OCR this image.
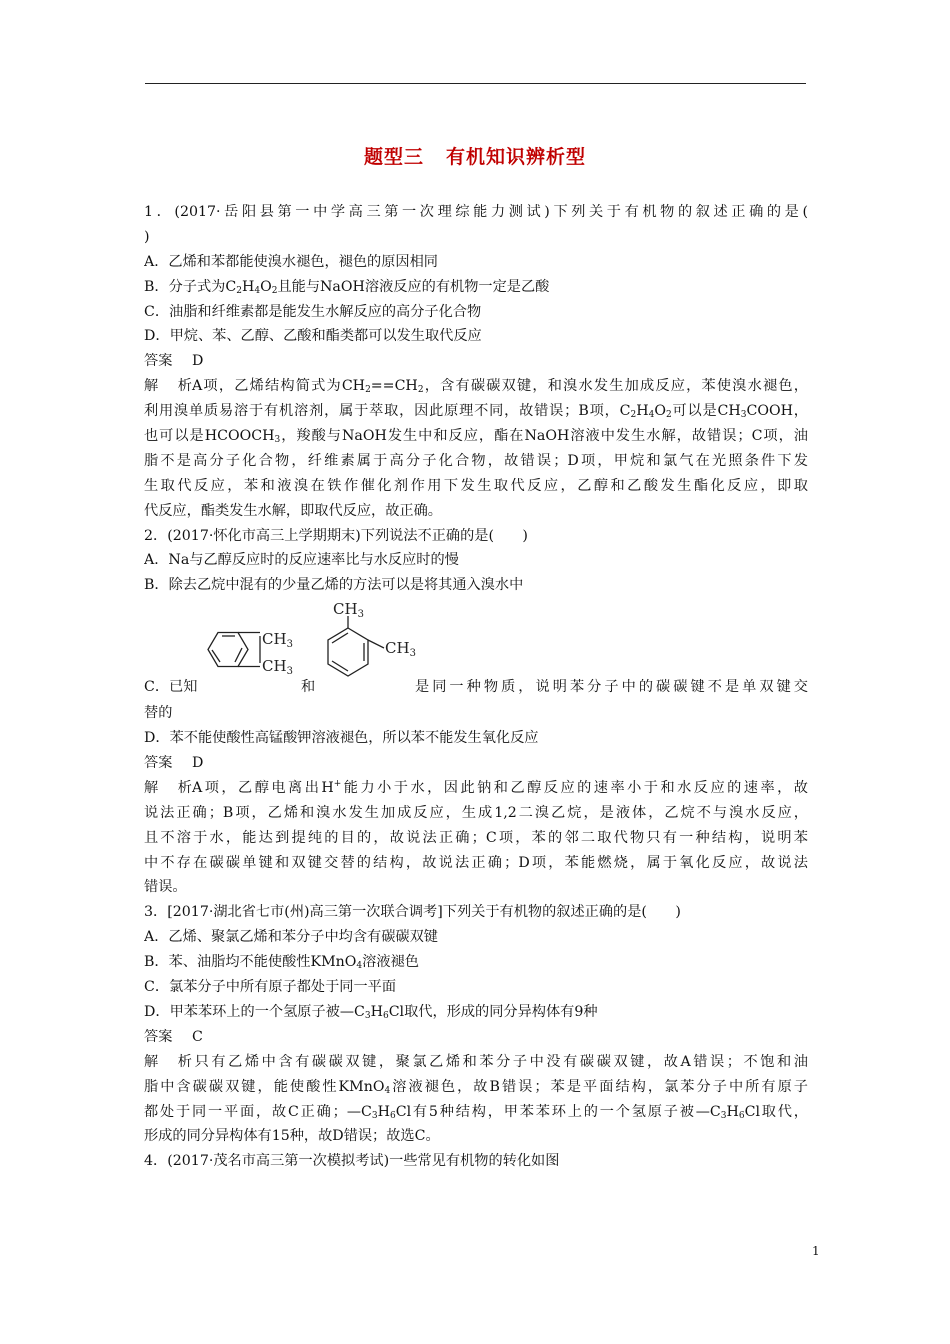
题型三 有机知识辨析型
1．(2017·岳阳县第一中学高三第一次理综能力测试)下列关于有机物的叙述正确的是(
)
A．乙烯和苯都能使溴水褪色，褪色的原因相同
B．分子式为$C_2H_4O_2$且能与NaOH溶液反应的有机物一定是乙酸
C．油脂和纤维素都是能发生水解反应的高分子化合物
D．甲烷、苯、乙醇、乙酸和酯类都可以发生取代反应
答案 D
解析A项，乙烯结构简式为$CH_2==CH_2$，含有碳碳双键，和溴水发生加成反应，苯使溴水褪色，
利用溴单质易溶于有机溶剂，属于萃取，因此原理不同，故错误；B项，$C_2H_4O_2$可以是$CH_3COOH$，
也可以是$HCOOCH_3$，羧酸与NaOH发生中和反应，酯在NaOH溶液中发生水解，故错误；C项，油
脂不是高分子化合物，纤维素属于高分子化合物，故错误；D项，甲烷和氯气在光照条件下发
生取代反应，苯和液溴在铁作催化剂作用下发生取代反应，乙醇和乙酸发生酯化反应，即取
代反应，酯类发生水解，即取代反应，故正确。
2．(2017·怀化市高三上学期期末)下列说法不正确的是(　　)
A．Na与乙醇反应时的反应速率比与水反应时的慢
B．除去乙烷中混有的少量乙烯的方法可以是将其通入溴水中
$CH_3$
$CH_3$
$CH_3$
$CH_3$
C．已知	和	是同一种物质，说明苯分子中的碳碳键不是单双键交
替的
D．苯不能使酸性高锰酸钾溶液褪色，所以苯不能发生氧化反应
答案 D
解析A项，乙醇电离出H+能力小于水，因此钠和乙醇反应的速率小于和水反应的速率，故
说法正确；B项，乙烯和溴水发生加成反应，生成1,2二溴乙烷，是液体，乙烷不与溴水反应，
且不溶于水，能达到提纯的目的，故说法正确；C项，苯的邻二取代物只有一种结构，说明苯
中不存在碳碳单键和双键交替的结构，故说法正确；D项，苯能燃烧，属于氧化反应，故说法
错误。
3．[2017·湖北省七市(州)高三第一次联合调考]下列关于有机物的叙述正确的是(　　)
A．乙烯、聚氯乙烯和苯分子中均含有碳碳双键
B．苯、油脂均不能使酸性KMnO$_4$溶液褪色
C．氯苯分子中所有原子都处于同一平面
D．甲苯苯环上的一个氢原子被$—C_3H_6Cl$取代，形成的同分异构体有9种
答案 C
解析只有乙烯中含有碳碳双键，聚氯乙烯和苯分子中没有碳碳双键，故A错误；不饱和油
脂中含碳碳双键，能使酸性KMnO$_4$溶液褪色，故B错误；苯是平面结构，氯苯分子中所有原子
都处于同一平面，故C正确；$—C_3H_6Cl$有5种结构，甲苯苯环上的一个氢原子被$—C_3H_6Cl$取代，
形成的同分异构体有15种，故D错误；故选C。
4．(2017·茂名市高三第一次模拟考试)一些常见有机物的转化如图
1
